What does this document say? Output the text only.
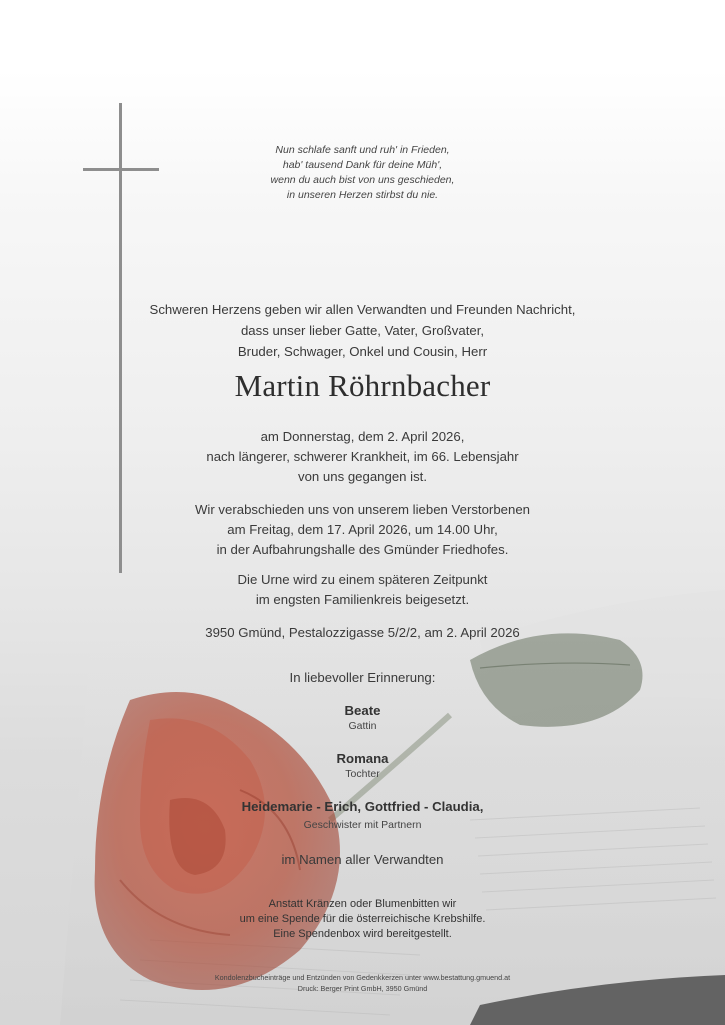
Nun schlafe sanft und ruh' in Frieden,
hab' tausend Dank für deine Müh',
wenn du auch bist von uns geschieden,
in unseren Herzen stirbst du nie.
Schweren Herzens geben wir allen Verwandten und Freunden Nachricht,
dass unser lieber Gatte, Vater, Großvater,
Bruder, Schwager, Onkel und Cousin, Herr
Martin Röhrnbacher
am Donnerstag, dem 2. April 2026,
nach längerer, schwerer Krankheit, im 66. Lebensjahr
von uns gegangen ist.
Wir verabschieden uns von unserem lieben Verstorbenen
am Freitag, dem 17. April 2026, um 14.00 Uhr,
in der Aufbahrungshalle des Gmünder Friedhofes.
Die Urne wird zu einem späteren Zeitpunkt
im engsten Familienkreis beigesetzt.
3950 Gmünd, Pestalozzigasse 5/2/2, am 2. April 2026
In liebevoller Erinnerung:
Beate
Gattin
Romana
Tochter
Heidemarie - Erich, Gottfried - Claudia,
Geschwister mit Partnern
im Namen aller Verwandten
Anstatt Kränzen oder Blumenbitten wir
um eine Spende für die österreichische Krebshilfe.
Eine Spendenbox wird bereitgestellt.
Kondolenzbucheinträge und Entzünden von Gedenkkerzen unter www.bestattung.gmuend.at
Druck: Berger Print GmbH, 3950 Gmünd
